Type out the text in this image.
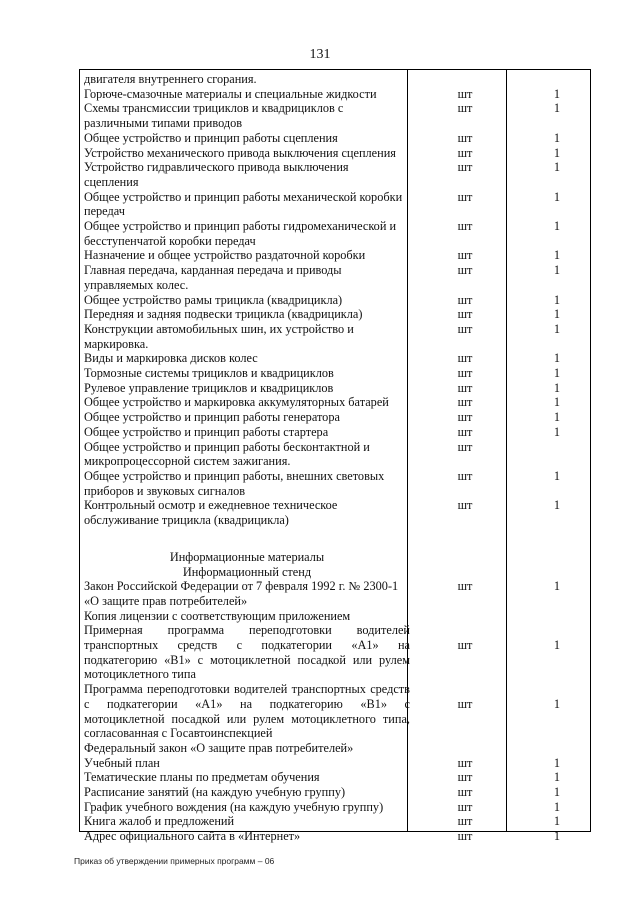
131
двигателя внутреннего сгорания.
Горюче-смазочные материалы и специальные жидкости	шт	1
Схемы трансмиссии трициклов и квадрициклов с
различными типами приводов
шт	1
Общее устройство и принцип работы сцепления	шт	1
Устройство механического привода выключения сцепления	шт	1
Устройство гидравлического привода выключения
сцепления
шт	1
Общее устройство и принцип работы механической коробки
передач
шт	1
Общее устройство и принцип работы гидромеханической и
бесступенчатой коробки передач
шт	1
Назначение и общее устройство раздаточной коробки	шт	1
Главная передача, карданная передача и приводы
управляемых колес.
шт	1
Общее устройство рамы трицикла (квадрицикла)	шт	1
Передняя и задняя подвески трицикла (квадрицикла)	шт	1
Конструкции автомобильных шин, их устройство и
маркировка.
шт	1
Виды и маркировка дисков колес	шт	1
Тормозные системы трициклов и квадрициклов	шт	1
Рулевое управление трициклов и квадрициклов	шт	1
Общее устройство и маркировка аккумуляторных батарей	шт	1
Общее устройство и принцип работы генератора	шт	1
Общее устройство и принцип работы стартера	шт	1
Общее устройство и принцип работы бесконтактной и
микропроцессорной систем зажигания.
шт
Общее устройство и принцип работы, внешних световых
приборов и звуковых сигналов
шт	1
Контрольный осмотр и ежедневное техническое
обслуживание трицикла (квадрицикла)
шт	1
Информационные материалы
Информационный стенд
Закон Российской Федерации от 7 февраля 1992 г. № 2300-1
«О защите прав потребителей»
шт	1
Копия лицензии с соответствующим приложением
Примерная программа переподготовки водителей
транспортных средств с подкатегории «А1» на
подкатегорию «В1» с мотоциклетной посадкой или рулем
мотоциклетного типа
шт	1
Программа переподготовки водителей транспортных средств
с подкатегории «А1» на подкатегорию «В1» с
мотоциклетной посадкой или рулем мотоциклетного типа,
согласованная с Госавтоинспекцией
шт	1
Федеральный закон «О защите прав потребителей»
Учебный план	шт	1
Тематические планы по предметам обучения	шт	1
Расписание занятий (на каждую учебную группу)	шт	1
График учебного вождения (на каждую учебную группу)	шт	1
Книга жалоб и предложений	шт	1
Адрес официального сайта в «Интернет»	шт	1
Приказ об утверждении примерных программ – 06
